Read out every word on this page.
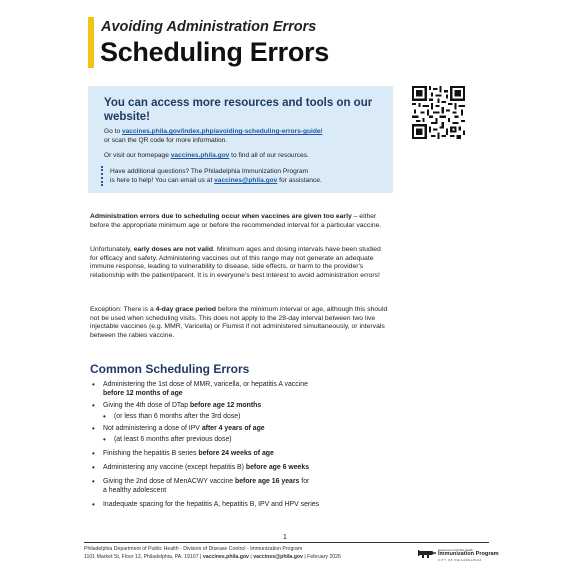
Avoiding Administration Errors
Scheduling Errors
You can access more resources and tools on our website!
Go to vaccines.phila.gov/index.php/avoiding-scheduling-errors-guide/
or scan the QR code for more information.
Or visit our homepage vaccines.phila.gov to find all of our resources.
Have additional questions? The Philadelphia Immunization Program
is here to help! You can email us at vaccines@phila.gov for assistance.
Administration errors due to scheduling occur when vaccines are given too early – either before the appropriate minimum age or before the recommended interval for a particular vaccine.
Unfortunately, early doses are not valid. Minimum ages and dosing intervals have been studied for efficacy and safety. Administering vaccines out of this range may not generate an adequate immune response, leading to vulnerability to disease, side effects, or harm to the provider's relationship with the patient/parent. It is in everyone's best interest to avoid administration errors!
Exception: There is a 4-day grace period before the minimum interval or age, although this should not be used when scheduling visits. This does not apply to the 28-day interval between two live injectable vaccines (e.g. MMR, Varicella) or Flumist if not administered simultaneously, or intervals between the rabies vaccine.
Common Scheduling Errors
• Administering the 1st dose of MMR, varicella, or hepatitis A vaccine
before 12 months of age
• Giving the 4th dose of DTap before age 12 months
• (or less than 6 months after the 3rd dose)
• Not administering a dose of IPV after 4 years of age
• (at least 6 months after previous dose)
• Finishing the hepatitis B series before 24 weeks of age
• Administering any vaccine (except hepatitis B) before age 6 weeks
• Giving the 2nd dose of MenACWY vaccine before age 16 years for
a healthy adolescent
• Inadequate spacing for the hepatitis A, hepatitis B, IPV and HPV series
1
Philadelphia Department of Public Health - Division of Disease Control - Immunization Program
1101 Market St, Floor 12, Philadelphia, PA, 19107 | vaccines.phila.gov | vaccines@phila.gov | February 2026
Department of Public Health
Immunization Program
CITY OF PHILADELPHIA
